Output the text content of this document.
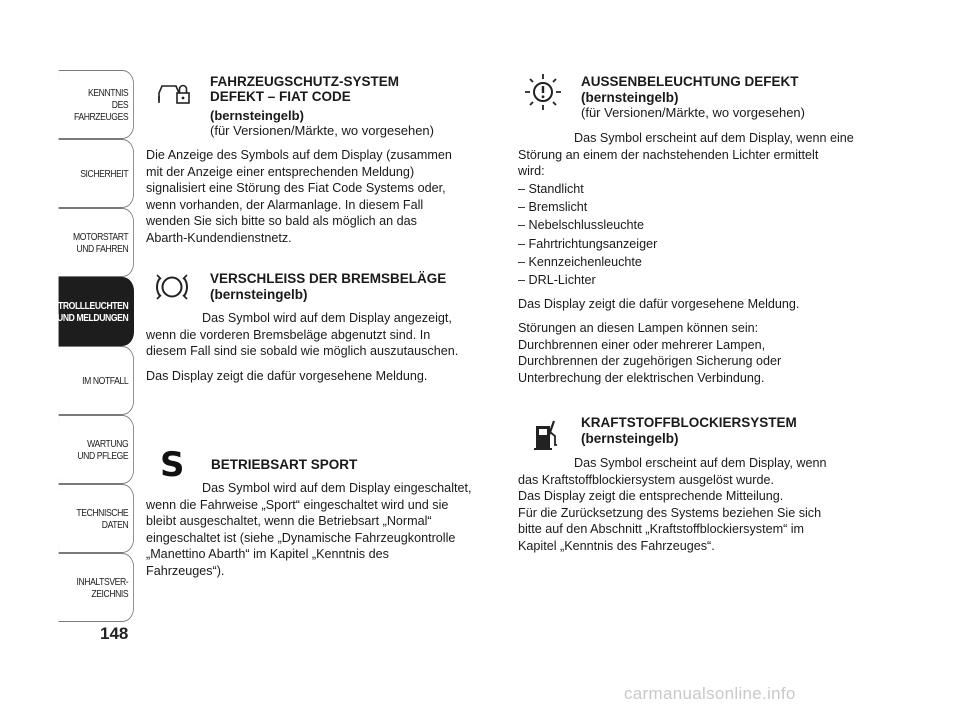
KENNTNIS
DES FAHRZEUGES
SICHERHEIT
MOTORSTART
UND FAHREN
KONTROLLLEUCHTEN
UND MELDUNGEN
IM NOTFALL
WARTUNG
UND PFLEGE
TECHNISCHE
DATEN
INHALTSVER-
ZEICHNIS
148
FAHRZEUGSCHUTZ-SYSTEM
DEFEKT – FIAT CODE
(bernsteingelb)
(für Versionen/Märkte, wo vorgesehen)
Die Anzeige des Symbols auf dem Display (zusammen
mit der Anzeige einer entsprechenden Meldung)
signalisiert eine Störung des Fiat Code Systems oder,
wenn vorhanden, der Alarmanlage. In diesem Fall
wenden Sie sich bitte so bald als möglich an das
Abarth-Kundendienstnetz.
VERSCHLEISS DER BREMSBELÄGE
(bernsteingelb)
Das Symbol wird auf dem Display angezeigt,
wenn die vorderen Bremsbeläge abgenutzt sind. In
diesem Fall sind sie sobald wie möglich auszutauschen.
Das Display zeigt die dafür vorgesehene Meldung.
S BETRIEBSART SPORT
Das Symbol wird auf dem Display eingeschaltet,
wenn die Fahrweise „Sport“ eingeschaltet wird und sie
bleibt ausgeschaltet, wenn die Betriebsart „Normal“
eingeschaltet ist (siehe „Dynamische Fahrzeugkontrolle
„Manettino Abarth“ im Kapitel „Kenntnis des
Fahrzeuges“).
AUSSENBELEUCHTUNG DEFEKT
(bernsteingelb)
(für Versionen/Märkte, wo vorgesehen)
Das Symbol erscheint auf dem Display, wenn eine
Störung an einem der nachstehenden Lichter ermittelt
wird:
– Standlicht
– Bremslicht
– Nebelschlussleuchte
– Fahrtrichtungsanzeiger
– Kennzeichenleuchte
– DRL-Lichter
Das Display zeigt die dafür vorgesehene Meldung.
Störungen an diesen Lampen können sein:
Durchbrennen einer oder mehrerer Lampen,
Durchbrennen der zugehörigen Sicherung oder
Unterbrechung der elektrischen Verbindung.
KRAFTSTOFFBLOCKIERSYSTEM
(bernsteingelb)
Das Symbol erscheint auf dem Display, wenn
das Kraftstoffblockiersystem ausgelöst wurde.
Das Display zeigt die entsprechende Mitteilung.
Für die Zurücksetzung des Systems beziehen Sie sich
bitte auf den Abschnitt „Kraftstoffblockiersystem“ im
Kapitel „Kenntnis des Fahrzeuges“.
carmanualsonline.info
